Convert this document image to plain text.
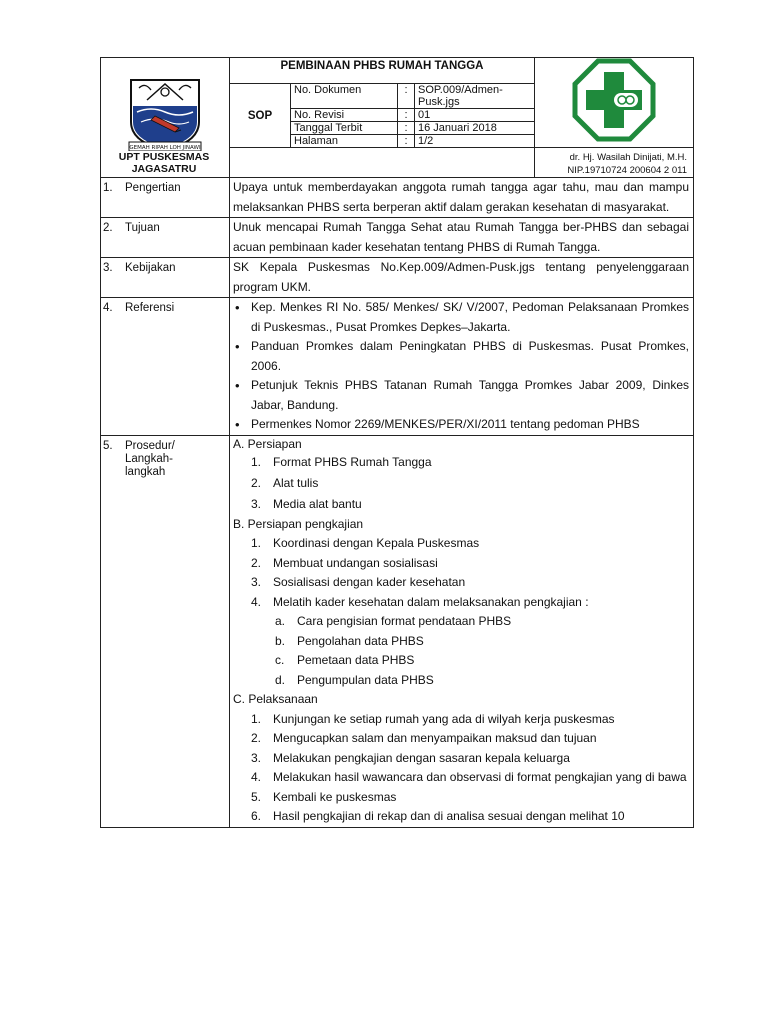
GEMAH RIPAH LOH JINAWI

PEMBINAAN PHBS RUMAH TANGGA
SOP	
No. Dokumen	:	SOP.009/Admen-Pusk.jgs
No. Revisi	:	01
Tanggal Terbit	:	16 Januari 2018
Halaman	:	1/2

dr. Hj. Wasilah Dinijati, M.H.
NIP.19710724 200604 2 011

1. Pengertian	Upaya untuk memberdayakan anggota rumah tangga agar tahu, mau dan mampu melaksankan PHBS serta berperan aktif dalam gerakan kesehatan di masyarakat.

2. Tujuan	Unuk mencapai Rumah Tangga Sehat atau Rumah Tangga ber-PHBS dan sebagai acuan pembinaan kader kesehatan tentang PHBS di Rumah Tangga.

3. Kebijakan	SK Kepala Puskesmas No.Kep.009/Admen-Pusk.jgs tentang penyelenggaraan program UKM.

4. Referensi	
•Kep. Menkes RI No. 585/ Menkes/ SK/ V/2007, Pedoman Pelaksanaan Promkes di Puskesmas., Pusat Promkes Depkes–Jakarta.
• Panduan Promkes dalam Peningkatan PHBS di Puskesmas. Pusat Promkes, 2006.
• Petunjuk Teknis PHBS Tatanan Rumah Tangga Promkes Jabar 2009, Dinkes Jabar, Bandung.
• Permenkes Nomor 2269/MENKES/PER/XI/2011 tentang pedoman PHBS

5. Prosedur/
Langkah-
langkah	

A. Persiapan

1. Format PHBS Rumah Tangga
2. Alat tulis
3. Media alat bantu

B. Persiapan pengkajian

1. Koordinasi dengan Kepala Puskesmas
2. Membuat undangan sosialisasi
3. Sosialisasi dengan kader kesehatan
4. Melatih kader kesehatan dalam melaksanakan pengkajian :
a. Cara pengisian format pendataan PHBS
b. Pengolahan data PHBS
c. Pemetaan data PHBS
d. Pengumpulan data PHBS

C. Pelaksanaan

1. Kunjungan ke setiap rumah yang ada di wilyah kerja puskesmas
2. Mengucapkan salam dan menyampaikan maksud dan tujuan
3. Melakukan pengkajian dengan sasaran kepala keluarga
4. Melakukan hasil wawancara dan observasi di format pengkajian yang di bawa
5. Kembali ke puskesmas
6. Hasil pengkajian di rekap dan di analisa sesuai dengan melihat 10
UPT PUSKESMAS
JAGASATRU
